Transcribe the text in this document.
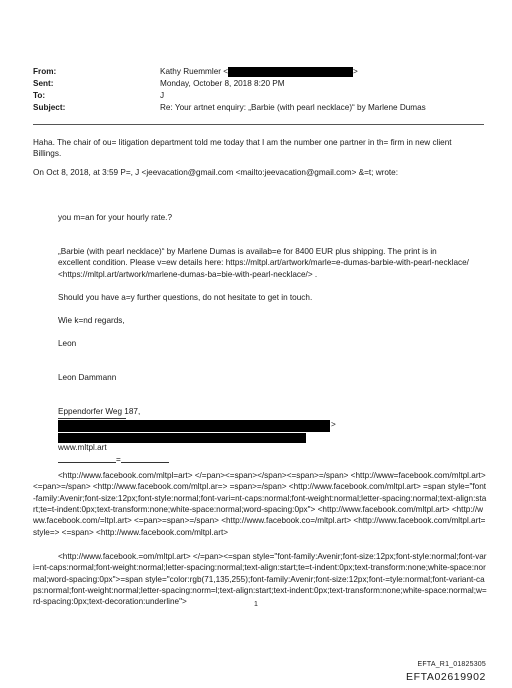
From:	Kathy Ruemmler <	>
Sent:	Monday, October 8, 2018 8:20 PM
To:	J
Subject:	Re: Your artnet enquiry: „Barbie (with pearl necklace)“ by Marlene Dumas
Haha. The chair of ou= litigation department told me today that I am the number one partner in th= firm in new client
Billings.
On Oct 8, 2018, at 3:59 P=, J <jeevacation@gmail.com <mailto:jeevacation@gmail.com> &=t; wrote:
you m=an for your hourly rate.?
„Barbie (with pearl necklace)“ by Marlene Dumas is availab=e for 8400 EUR plus shipping. The print is in
excellent condition. Please v=ew details here: https://mltpl.art/artwork/marle=e-dumas-barbie-with-pearl-necklace/
<https://mltpl.art/artwork/marlene-dumas-ba=bie-with-pearl-necklace/> .
Should you have a=y further questions, do not hesitate to get in touch.
Wie k=nd regards,
Leon
Leon Dammann
Eppendorfer Weg 187,
>
www.mltpl.art
=
<http://www.facebook.com/mltpl=art> </=pan><=span></span><=span>=/span> <http://www=facebook.com/mltpl.art> <=pan>=/span> <http://www.facebook.com/mltpl.ar=> =span>=/span> <http://www.facebook.com/mltpl.art> =span style="font-family:Avenir;font-size:12px;font-style:normal;font-vari=nt-caps:normal;font-weight:normal;letter-spacing:normal;text-align:start;te=t-indent:0px;text-transform:none;white-space:normal;word-spacing:0px"> <http://www.facebook.com/mltpl.art> <http://www.facebook.com/=ltpl.art> <=pan>=span>=/span> <http://www.facebook.co=/mltpl.art> <http://www.facebook.com/mltpl.art= style=> <=span> <http://www.facebook.com/mltpl.art>
<http://www.facebook.=om/mltpl.art> </=pan><=span style="font-family:Avenir;font-size:12px;font-style:normal;font-vari=nt-caps:normal;font-weight:normal;letter-spacing:normal;text-align:start;te=t-indent:0px;text-transform:none;white-space:normal;word-spacing:0px">=span style="color:rgb(71,135,255);font-family:Avenir;font-size:12px;font-=tyle:normal;font-variant-caps:normal;font-weight:normal;letter-spacing:norm=l;text-align:start;text-indent:0px;text-transform:none;white-space:normal;w=rd-spacing:0px;text-decoration:underline">	1
EFTA_R1_01825305
EFTA02619902
